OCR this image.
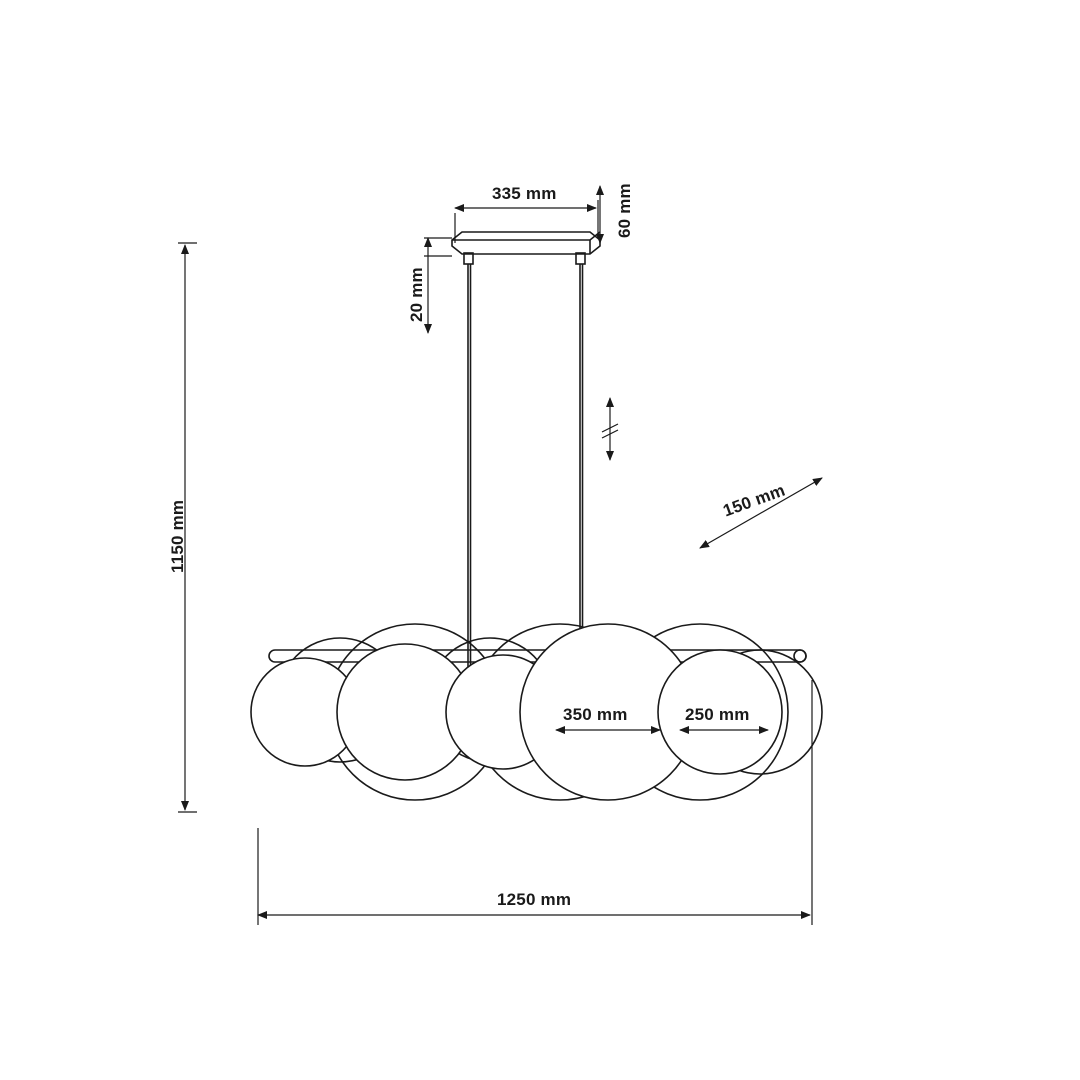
335 mm	60 mm
20 mm
1150 mm	150 mm
350 mm	250 mm
1250 mm
